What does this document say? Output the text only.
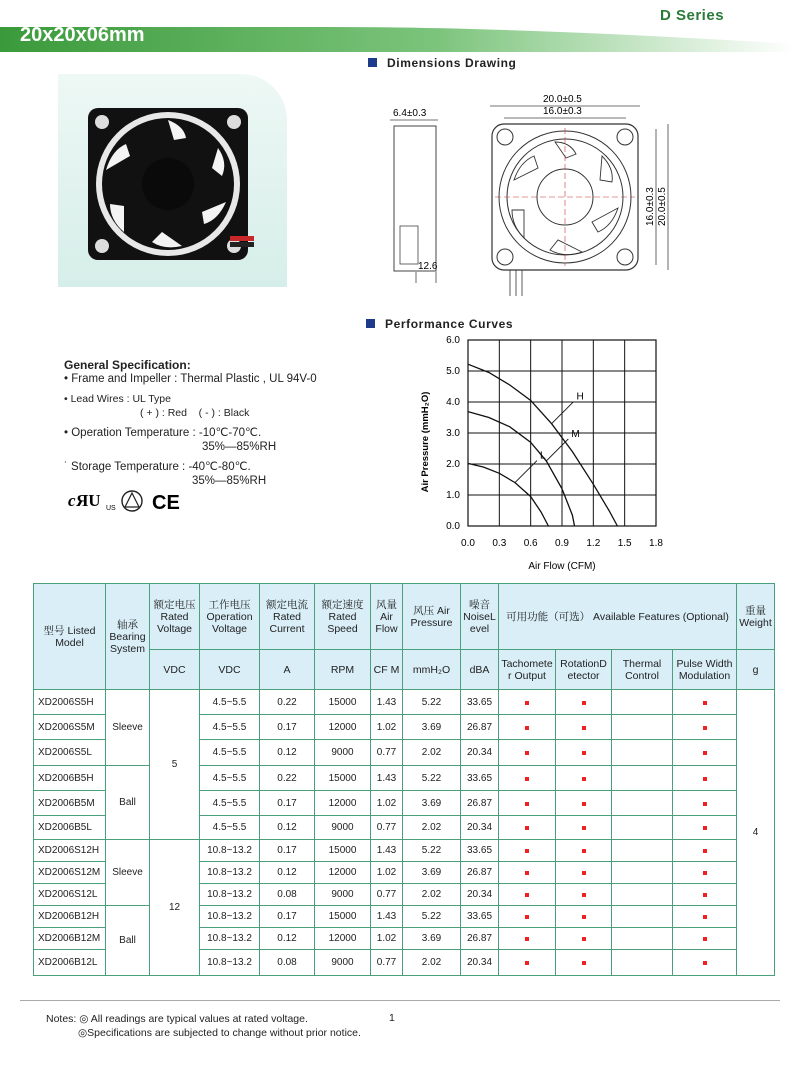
D Series
20x20x06mm
Dimensions Drawing
6.4±0.3
12.6
20.0±0.5
16.0±0.3
16.0±0.3 20.0±0.5
General Specification:
• Frame and Impeller : Thermal Plastic , UL 94V-0
• Lead Wires : UL Type
( + ) : Red ( - ) : Black
• Operation Temperature : -10℃-70℃.
35%—85%RH
˙ Storage Temperature : -40℃-80℃.
35%—85%RH
c ЯU US CE
Performance Curves
0.0 0.3 0.6 0.9 1.2 1.5 1.8
6.0
5.0
4.0
3.0
2.0
1.0
0.0
H
M
L
Air Flow (CFM)
Air Pressure (mmH₂O)
型号 Listed Model	轴承 Bearing System	额定电压 Rated Voltage	工作电压 Operation Voltage	额定电流 Rated Current	额定速度 Rated Speed	风量 Air Flow	风压 Air Pressure	噪音 NoiseL evel	可用功能（可选） Available Features (Optional)				重量 Weight
		VDC	VDC	A	RPM	CF M	mmH₂O	dBA	Tachomete r Output	RotationD etector	Thermal Control	Pulse Width Modulation	g
XD2006S5H	Sleeve	5	4.5~5.5	0.22	15000	1.43	5.22	33.65					4
XD2006S5M			4.5~5.5	0.17	12000	1.02	3.69	26.87					
XD2006S5L			4.5~5.5	0.12	9000	0.77	2.02	20.34					
XD2006B5H	Ball		4.5~5.5	0.22	15000	1.43	5.22	33.65					
XD2006B5M			4.5~5.5	0.17	12000	1.02	3.69	26.87					
XD2006B5L			4.5~5.5	0.12	9000	0.77	2.02	20.34					
XD2006S12H	Sleeve	12	10.8~13.2	0.17	15000	1.43	5.22	33.65					
XD2006S12M			10.8~13.2	0.12	12000	1.02	3.69	26.87					
XD2006S12L			10.8~13.2	0.08	9000	0.77	2.02	20.34					
XD2006B12H	Ball		10.8~13.2	0.17	15000	1.43	5.22	33.65					
XD2006B12M			10.8~13.2	0.12	12000	1.02	3.69	26.87					
XD2006B12L			10.8~13.2	0.08	9000	0.77	2.02	20.34					
Notes: ◎ All readings are typical values at rated voltage.
◎Specifications are subjected to change without prior notice.
1
